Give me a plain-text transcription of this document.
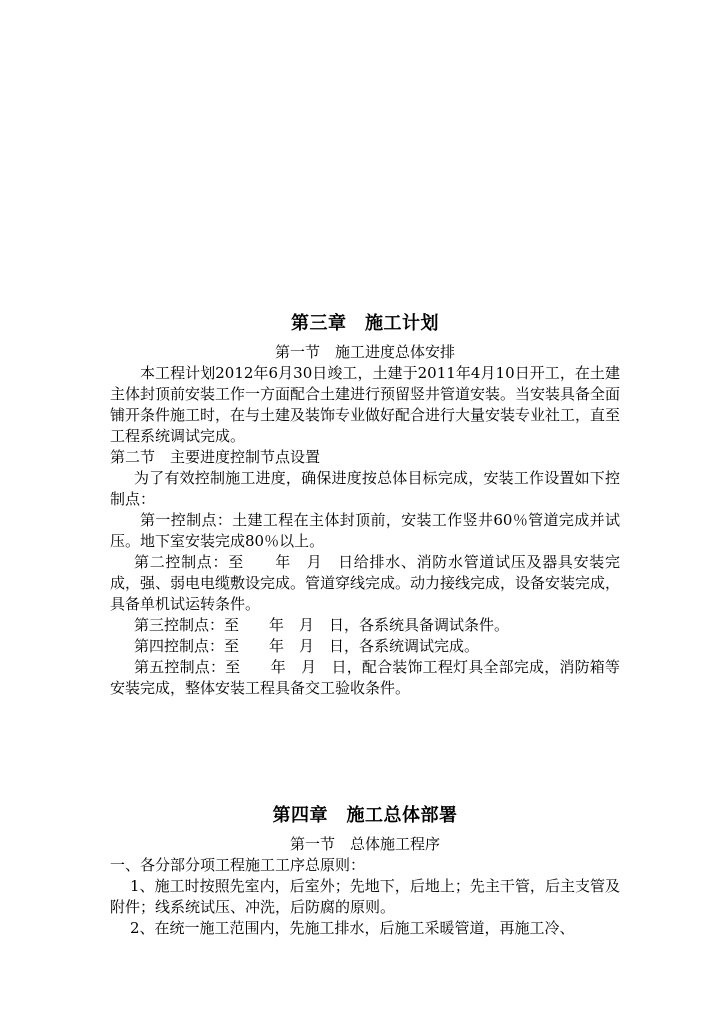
第三章　施工计划
第一节　施工进度总体安排

本工程计划2012年6月30日竣工，土建于2011年4月10日开工，在土建主体封顶前安装工作一方面配合土建进行预留竖井管道安装。当安装具备全面铺开条件施工时，在与土建及装饰专业做好配合进行大量安装专业社工，直至工程系统调试完成。

第二节　主要进度控制节点设置

为了有效控制施工进度，确保进度按总体目标完成，安装工作设置如下控制点：

第一控制点：土建工程在主体封顶前，安装工作竖井60％管道完成并试压。地下室安装完成80％以上。

第二控制点：至　　年　月　日给排水、消防水管道试压及器具安装完成，强、弱电电缆敷设完成。管道穿线完成。动力接线完成，设备安装完成，具备单机试运转条件。

第三控制点：至　　年　月　日，各系统具备调试条件。

第四控制点：至　　年　月　日，各系统调试完成。

第五控制点：至　　年　月　日，配合装饰工程灯具全部完成，消防箱等安装完成，整体安装工程具备交工验收条件。

第四章　施工总体部署
第一节　总体施工程序
一、各分部分项工程施工工序总原则：

1、施工时按照先室内，后室外；先地下，后地上；先主干管，后主支管及附件；线系统试压、冲洗，后防腐的原则。

2、在统一施工范围内，先施工排水，后施工采暖管道，再施工冷、
